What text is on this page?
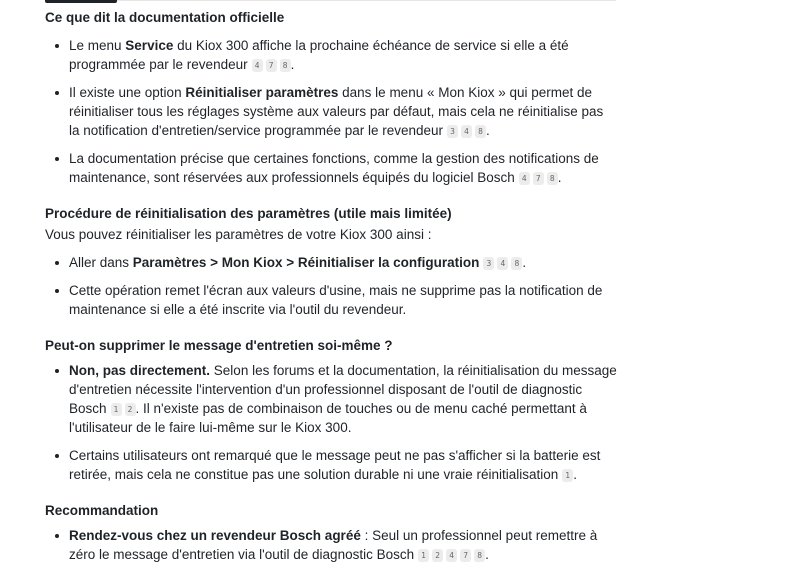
Ce que dit la documentation officielle
Le menu Service du Kiox 300 affiche la prochaine échéance de service si elle a été programmée par le revendeur 4	7	8 .
Il existe une option Réinitialiser paramètres dans le menu « Mon Kiox » qui permet de réinitialiser tous les réglages système aux valeurs par défaut, mais cela ne réinitialise pas la notification d'entretien/service programmée par le revendeur 3	4	8 .
La documentation précise que certaines fonctions, comme la gestion des notifications de maintenance, sont réservées aux professionnels équipés du logiciel Bosch 4	7	8 .
Procédure de réinitialisation des paramètres (utile mais limitée)

Vous pouvez réinitialiser les paramètres de votre Kiox 300 ainsi :

Aller dans Paramètres > Mon Kiox > Réinitialiser la configuration 3	4	8 .
Cette opération remet l'écran aux valeurs d'usine, mais ne supprime pas la notification de maintenance si elle a été inscrite via l'outil du revendeur.
Peut-on supprimer le message d'entretien soi-même ?
Non, pas directement. Selon les forums et la documentation, la réinitialisation du message d'entretien nécessite l'intervention d'un professionnel disposant de l'outil de diagnostic Bosch 1	2 . Il n'existe pas de combinaison de touches ou de menu caché permettant à l'utilisateur de le faire lui-même sur le Kiox 300.
Certains utilisateurs ont remarqué que le message peut ne pas s'afficher si la batterie est retirée, mais cela ne constitue pas une solution durable ni une vraie réinitialisation 1 .
Recommandation
Rendez-vous chez un revendeur Bosch agréé : Seul un professionnel peut remettre à zéro le message d'entretien via l'outil de diagnostic Bosch 1	2	4	7	8 .
